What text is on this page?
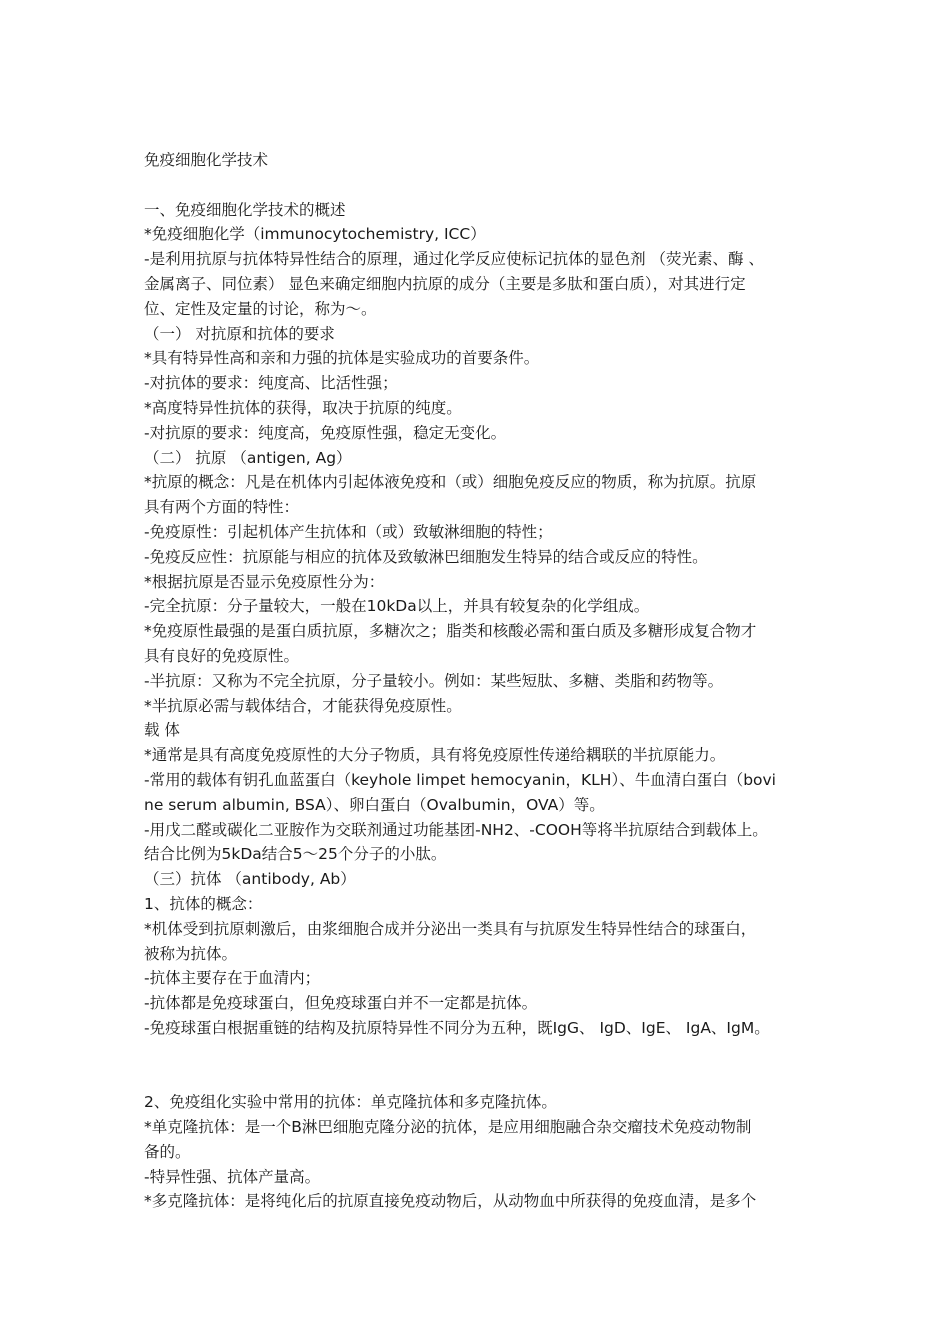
免疫细胞化学技术
一、免疫细胞化学技术的概述
*免疫细胞化学（immunocytochemistry, ICC）
-是利用抗原与抗体特异性结合的原理，通过化学反应使标记抗体的显色剂 （荧光素、酶 、
金属离子、同位素） 显色来确定细胞内抗原的成分（主要是多肽和蛋白质），对其进行定
位、定性及定量的讨论，称为～。
（一） 对抗原和抗体的要求
*具有特异性高和亲和力强的抗体是实验成功的首要条件。
-对抗体的要求：纯度高、比活性强；
*高度特异性抗体的获得，取决于抗原的纯度。
-对抗原的要求：纯度高，免疫原性强，稳定无变化。
（二） 抗原 （antigen, Ag）
*抗原的概念：凡是在机体内引起体液免疫和（或）细胞免疫反应的物质，称为抗原。抗原
具有两个方面的特性：
-免疫原性：引起机体产生抗体和（或）致敏淋细胞的特性；
-免疫反应性：抗原能与相应的抗体及致敏淋巴细胞发生特异的结合或反应的特性。
*根据抗原是否显示免疫原性分为：
-完全抗原：分子量较大，一般在10kDa以上，并具有较复杂的化学组成。
*免疫原性最强的是蛋白质抗原，多糖次之；脂类和核酸必需和蛋白质及多糖形成复合物才
具有良好的免疫原性。
-半抗原：又称为不完全抗原，分子量较小。例如：某些短肽、多糖、类脂和药物等。
*半抗原必需与载体结合，才能获得免疫原性。
载 体
*通常是具有高度免疫原性的大分子物质，具有将免疫原性传递给耦联的半抗原能力。
-常用的载体有钥孔血蓝蛋白（keyhole limpet hemocyanin，KLH）、牛血清白蛋白（bovi
ne serum albumin, BSA）、卵白蛋白（Ovalbumin，OVA）等。
-用戊二醛或碳化二亚胺作为交联剂通过功能基团-NH2、-COOH等将半抗原结合到载体上。
结合比例为5kDa结合5～25个分子的小肽。
（三）抗体 （antibody, Ab）
1、抗体的概念：
*机体受到抗原刺激后，由浆细胞合成并分泌出一类具有与抗原发生特异性结合的球蛋白，
被称为抗体。
-抗体主要存在于血清内；
-抗体都是免疫球蛋白，但免疫球蛋白并不一定都是抗体。
-免疫球蛋白根据重链的结构及抗原特异性不同分为五种，既IgG、 IgD、IgE、 IgA、IgM。
2、免疫组化实验中常用的抗体：单克隆抗体和多克隆抗体。
*单克隆抗体：是一个B淋巴细胞克隆分泌的抗体，是应用细胞融合杂交瘤技术免疫动物制
备的。
-特异性强、抗体产量高。
*多克隆抗体：是将纯化后的抗原直接免疫动物后，从动物血中所获得的免疫血清，是多个
